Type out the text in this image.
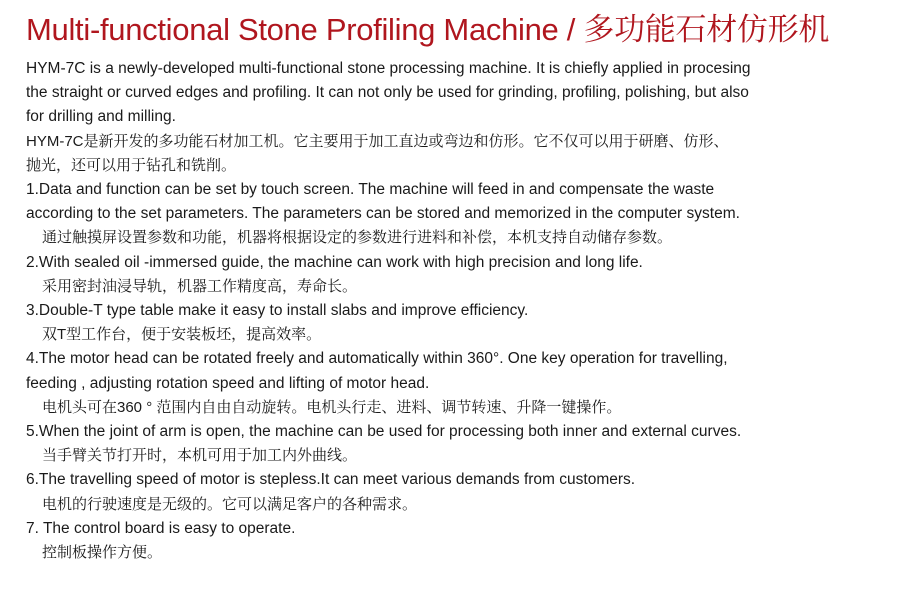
Multi-functional Stone Profiling Machine / 多功能石材仿形机

HYM-7C is a newly-developed multi-functional stone processing machine. It is chiefly applied in procesing
the straight or curved edges and profiling. It can not only be used for grinding, profiling, polishing, but also
for drilling and milling.

HYM-7C是新开发的多功能石材加工机。它主要用于加工直边或弯边和仿形。它不仅可以用于研磨、仿形、
抛光，还可以用于钻孔和铣削。

1.Data and function can be set by touch screen. The machine will feed in and compensate the waste
according to the set parameters. The parameters can be stored and memorized in the computer system.

通过触摸屏设置参数和功能，机器将根据设定的参数进行进料和补偿，本机支持自动储存参数。

2.With sealed oil -immersed guide, the machine can work with high precision and long life.

采用密封油浸导轨，机器工作精度高，寿命长。

3.Double-T type table make it easy to install slabs and improve efficiency.

双T型工作台，便于安装板坯，提高效率。

4.The motor head can be rotated freely and automatically within 360°. One key operation for travelling,
feeding , adjusting rotation speed and lifting of motor head.

电机头可在360 ° 范围内自由自动旋转。电机头行走、进料、调节转速、升降一键操作。

5.When the joint of arm is open, the machine can be used for processing both inner and external curves.

当手臂关节打开时，本机可用于加工内外曲线。

6.The travelling speed of motor is stepless.It can meet various demands from customers.

电机的行驶速度是无级的。它可以满足客户的各种需求。

7. The control board is easy to operate.

控制板操作方便。
